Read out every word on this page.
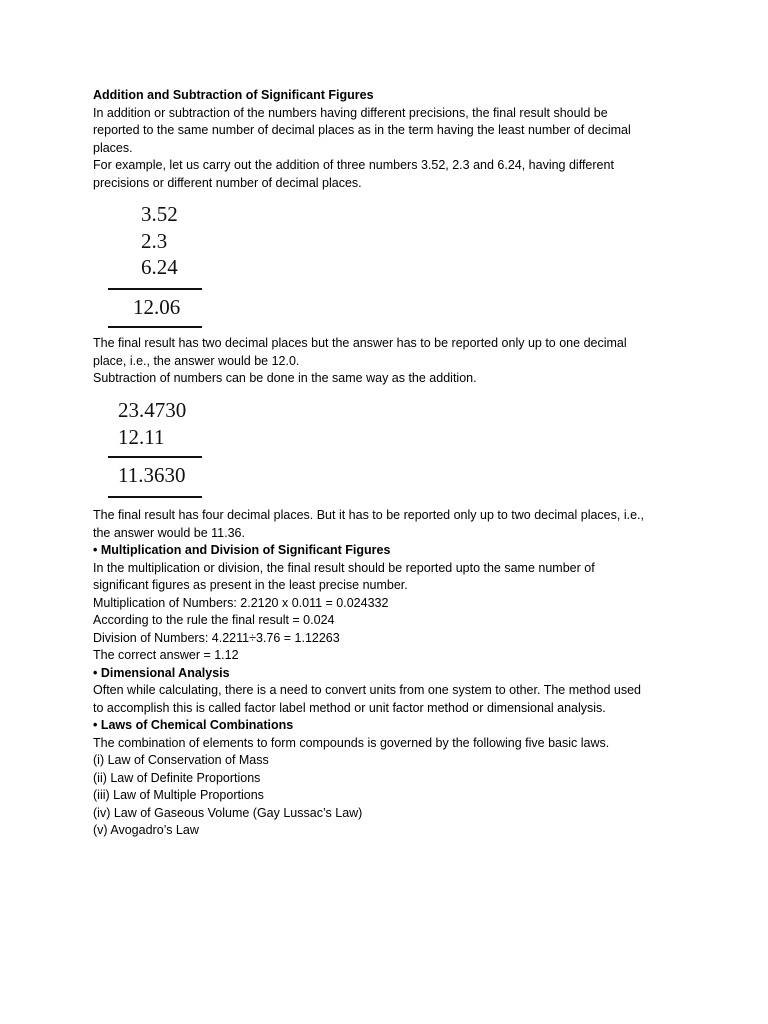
Addition and Subtraction of Significant Figures
In addition or subtraction of the numbers having different precisions, the final result should be
reported to the same number of decimal places as in the term having the least number of decimal
places.
For example, let us carry out the addition of three numbers 3.52, 2.3 and 6.24, having different
precisions or different number of decimal places.
3.52
2.3
6.24
12.06
The final result has two decimal places but the answer has to be reported only up to one decimal
place, i.e., the answer would be 12.0.
Subtraction of numbers can be done in the same way as the addition.
23.4730
12.11
11.3630
The final result has four decimal places. But it has to be reported only up to two decimal places, i.e.,
the answer would be 11.36.
• Multiplication and Division of Significant Figures
In the multiplication or division, the final result should be reported upto the same number of
significant figures as present in the least precise number.
Multiplication of Numbers: 2.2120 x 0.011 = 0.024332
According to the rule the final result = 0.024
Division of Numbers: 4.2211÷3.76 = 1.12263
The correct answer = 1.12
• Dimensional Analysis
Often while calculating, there is a need to convert units from one system to other. The method used
to accomplish this is called factor label method or unit factor method or dimensional analysis.
• Laws of Chemical Combinations
The combination of elements to form compounds is governed by the following five basic laws.
(i) Law of Conservation of Mass
(ii) Law of Definite Proportions
(iii) Law of Multiple Proportions
(iv) Law of Gaseous Volume (Gay Lussac’s Law)
(v) Avogadro’s Law
